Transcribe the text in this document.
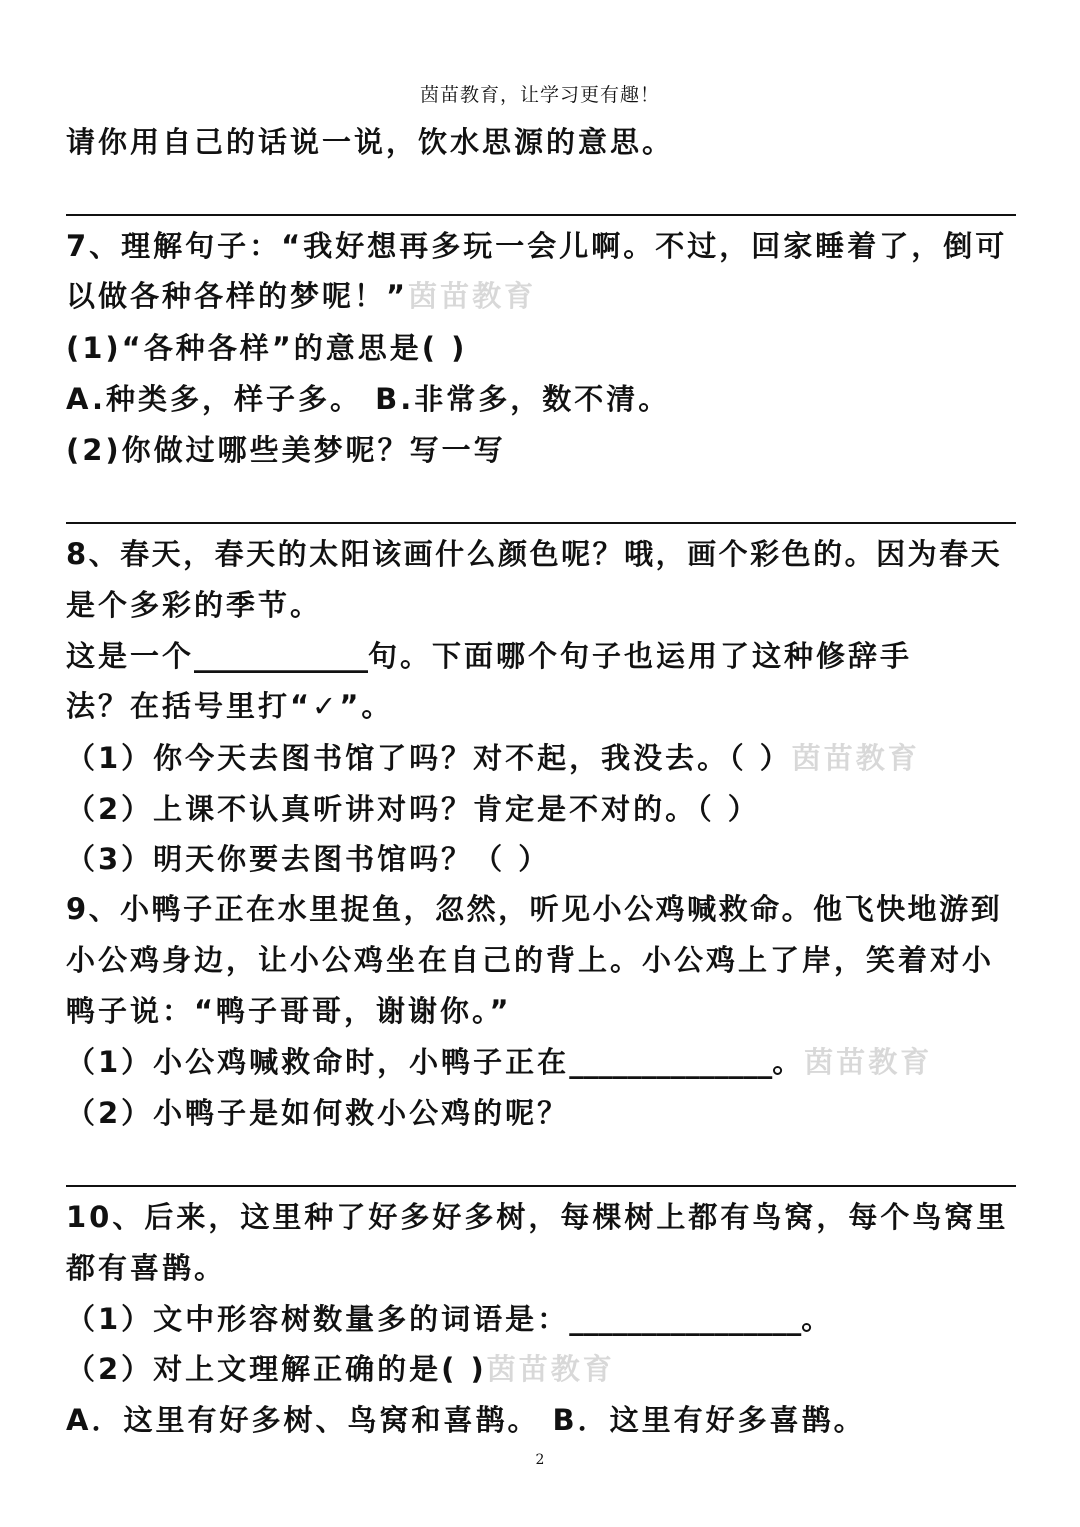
茵苗教育，让学习更有趣！
请你用自己的话说一说，饮水思源的意思。
7、理解句子：“我好想再多玩一会儿啊。不过，回家睡着了，倒可
以做各种各样的梦呢！”茵苗教育
(1)“各种各样”的意思是( )
A.种类多，样子多。 B.非常多，数不清。
(2)你做过哪些美梦呢？写一写
8、春天，春天的太阳该画什么颜色呢？哦，画个彩色的。因为春天
是个多彩的季节。
这是一个____________句。下面哪个句子也运用了这种修辞手
法？在括号里打“✓”。
（1）你今天去图书馆了吗？对不起，我没去。（ ）茵苗教育
（2）上课不认真听讲对吗？肯定是不对的。（ ）
（3）明天你要去图书馆吗？（ ）
9、小鸭子正在水里捉鱼，忽然，听见小公鸡喊救命。他飞快地游到
小公鸡身边，让小公鸡坐在自己的背上。小公鸡上了岸，笑着对小
鸭子说：“鸭子哥哥，谢谢你。”
（1）小公鸡喊救命时，小鸭子正在______________。茵苗教育
（2）小鸭子是如何救小公鸡的呢？
10、后来，这里种了好多好多树，每棵树上都有鸟窝，每个鸟窝里
都有喜鹊。
（1）文中形容树数量多的词语是：________________。
（2）对上文理解正确的是( )茵苗教育
A．这里有好多树、鸟窝和喜鹊。 B．这里有好多喜鹊。
2
